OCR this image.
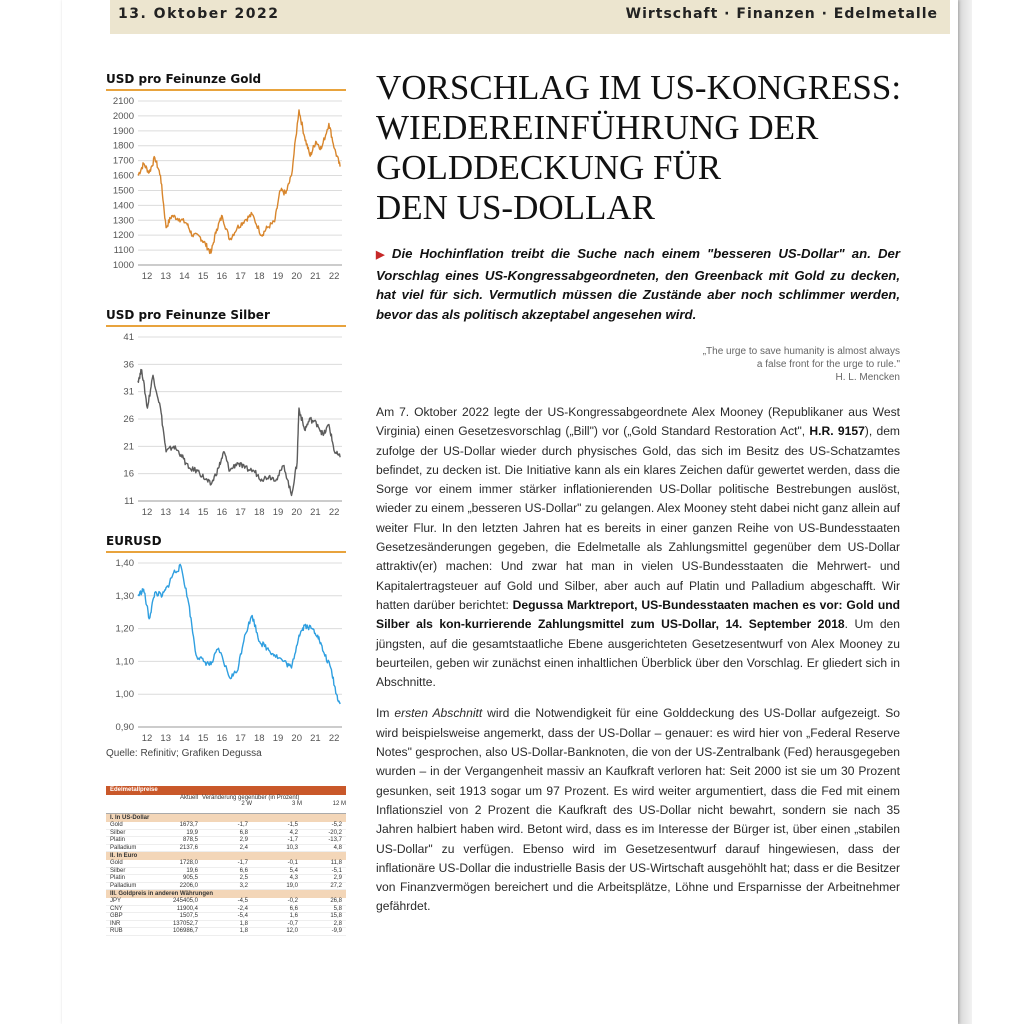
13. Oktober 2022	Wirtschaft · Finanzen · Edelmetalle
USD pro Feinunze Gold
2100
2000
1900
1800
1700
1600
1500
1400
1300
1200
1100
1000
12 13 14 15 16 17 18 19 20 21 22
USD pro Feinunze Silber
41
36
31
26
21
16
11
12 13 14 15 16 17 18 19 20 21 22
EURUSD
1,40
1,30
1,20
1,10
1,00
0,90
12 13 14 15 16 17 18 19 20 21 22
Quelle: Refinitiv; Grafiken Degussa
Edelmetallpreise
Aktuell Veränderung gegenüber (in Prozent)
2 W	3 M	12 M
I. In US-Dollar
Gold	1673,7	-1,7	-1,5	-5,2
Silber	19,9	6,8	4,2	-20,2
Platin	878,5	2,9	-1,7	-13,7
Palladium	2137,6	2,4	10,3	4,8
II. In Euro
Gold	1728,0	-1,7	-0,1	11,8
Silber	19,6	6,6	5,4	-5,1
Platin	905,5	2,5	4,3	2,9
Palladium	2206,0	3,2	19,0	27,2
III. Goldpreis in anderen Währungen
JPY	245405,0	-4,5	-0,2	26,8
CNY	11900,4	-2,4	6,6	5,8
GBP	1507,5	-5,4	1,6	15,8
INR	137052,7	1,8	-0,7	2,8
RUB	106986,7	1,8	12,0	-9,9
VORSCHLAG IM US-KONGRESS:
WIEDEREINFÜHRUNG DER
GOLDDECKUNG FÜR
DEN US-DOLLAR

▶ Die Hochinflation treibt die Suche nach einem "besseren US-Dollar" an. Der Vorschlag eines US-Kongressabgeordneten, den Greenback mit Gold zu decken, hat viel für sich. Vermutlich müssen die Zustände aber noch schlimmer werden, bevor das als politisch akzeptabel angesehen wird.

„The urge to save humanity is almost always
a false front for the urge to rule."
H. L. Mencken

Am 7. Oktober 2022 legte der US-Kongressabgeordnete Alex Mooney (Republikaner aus West Virginia) einen Gesetzesvorschlag („Bill") vor („Gold Standard Restoration Act", H.R. 9157), dem zufolge der US-Dollar wieder durch physisches Gold, das sich im Besitz des US-Schatzamtes befindet, zu decken ist. Die Initiative kann als ein klares Zeichen dafür gewertet werden, dass die Sorge vor einem immer stärker inflationierenden US-Dollar politische Bestrebungen auslöst, wieder zu einem „besseren US-Dollar" zu gelangen. Alex Mooney steht dabei nicht ganz allein auf weiter Flur. In den letzten Jahren hat es bereits in einer ganzen Reihe von US-Bundesstaaten Gesetzesänderungen gegeben, die Edelmetalle als Zahlungsmittel gegenüber dem US-Dollar attraktiv(er) machen: Und zwar hat man in vielen US-Bundesstaaten die Mehrwert- und Kapitalertragsteuer auf Gold und Silber, aber auch auf Platin und Palladium abgeschafft. Wir hatten darüber berichtet: Degussa Marktreport, US-Bundesstaaten machen es vor: Gold und Silber als kon-kurrierende Zahlungsmittel zum US-Dollar, 14. September 2018. Um den jüngsten, auf die gesamtstaatliche Ebene ausgerichteten Gesetzesentwurf von Alex Mooney zu beurteilen, geben wir zunächst einen inhaltlichen Überblick über den Vorschlag. Er gliedert sich in Abschnitte.

Im ersten Abschnitt wird die Notwendigkeit für eine Golddeckung des US-Dollar aufgezeigt. So wird beispielsweise angemerkt, dass der US-Dollar – genauer: es wird hier von „Federal Reserve Notes" gesprochen, also US-Dollar-Banknoten, die von der US-Zentralbank (Fed) herausgegeben wurden – in der Vergangenheit massiv an Kaufkraft verloren hat: Seit 2000 ist sie um 30 Prozent gesunken, seit 1913 sogar um 97 Prozent. Es wird weiter argumentiert, dass die Fed mit einem Inflationsziel von 2 Prozent die Kaufkraft des US-Dollar nicht bewahrt, sondern sie nach 35 Jahren halbiert haben wird. Betont wird, dass es im Interesse der Bürger ist, über einen „stabilen US-Dollar" zu verfügen. Ebenso wird im Gesetzesentwurf darauf hingewiesen, dass der inflationäre US-Dollar die industrielle Basis der US-Wirtschaft ausgehöhlt hat; dass er die Besitzer von Finanzvermögen bereichert und die Arbeitsplätze, Löhne und Ersparnisse der Arbeitnehmer gefährdet.
